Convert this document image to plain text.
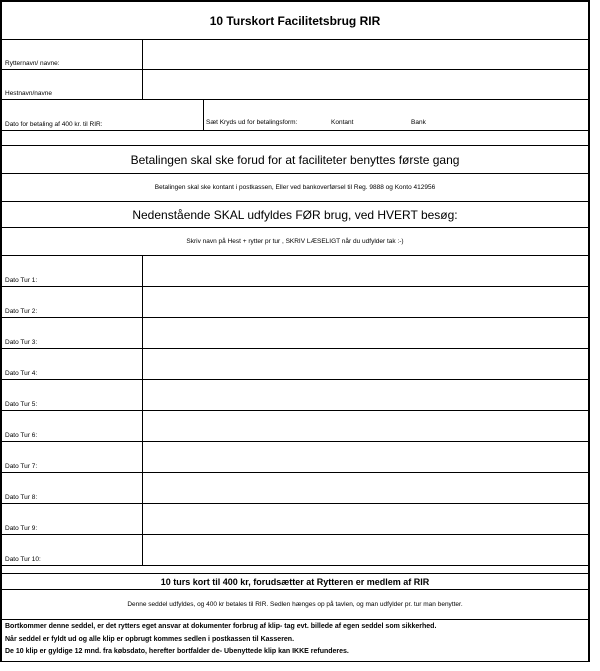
10 Turskort Facilitetsbrug RIR
Rytternavn/ navne:
Hestnavn/navne
Dato for betaling af 400 kr. til RIR:	Sæt Kryds ud for betalingsform:	Kontant	Bank
Betalingen skal ske forud for at faciliteter benyttes første gang
Betalingen skal ske kontant i postkassen, Eller ved bankoverførsel til Reg. 9888 og Konto 412956
Nedenstående SKAL udfyldes FØR brug, ved HVERT besøg:
Skriv navn på Hest + rytter pr tur , SKRIV LÆSELIGT når du udfylder tak :-)
Dato Tur 1:
Dato Tur 2:
Dato Tur 3:
Dato Tur 4:
Dato Tur 5:
Dato Tur 6:
Dato Tur 7:
Dato Tur 8:
Dato Tur 9:
Dato Tur 10:
10 turs kort til 400 kr, forudsætter at Rytteren er medlem af RIR
Denne seddel udfyldes, og 400 kr betales til RIR. Sedlen hænges op på tavlen, og man udfylder pr. tur man benytter.
Bortkommer denne seddel, er det rytters eget ansvar at dokumenter forbrug af klip- tag evt. billede af egen seddel som sikkerhed.
Når seddel er fyldt ud og alle klip er opbrugt kommes sedlen i postkassen til Kasseren.
De 10 klip er gyldige 12 mnd. fra købsdato, herefter bortfalder de- Ubenyttede klip kan IKKE refunderes.
